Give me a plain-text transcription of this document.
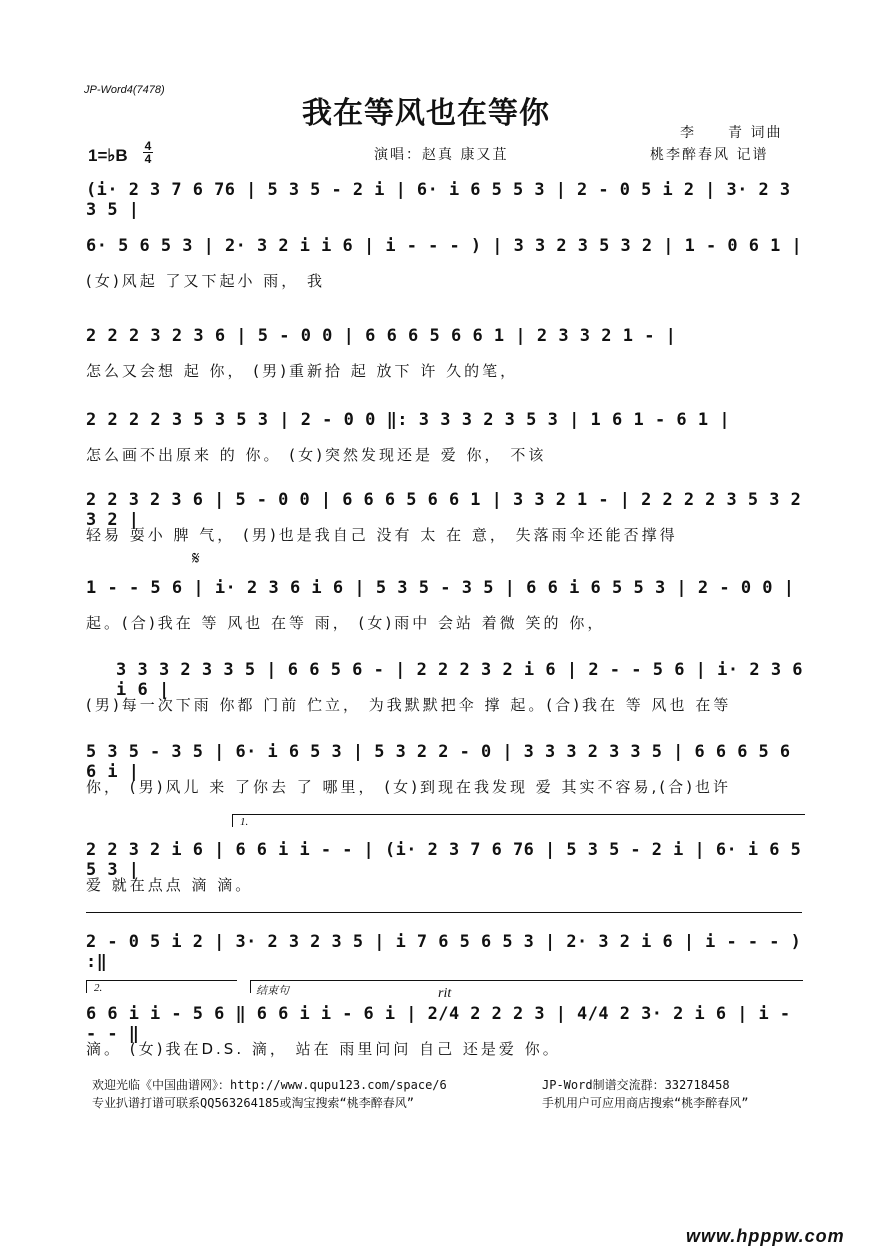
JP-Word4(7478)
我在等风也在等你
李　　青 词曲
桃李醉春风 记谱
演唱：赵真 康又苴
1=♭B 4
4
(i· 2 3 7 6 76 | 5 3 5 - 2 i | 6· i 6 5 5 3 | 2 - 0 5 i 2 | 3· 2 3 3 5 |
6· 5 6 5 3 | 2· 3 2 i i 6 | i - - - ) | 3 3 2 3 5 3 2 | 1 - 0 6 1 |
(女)风起 了又下起小 雨， 我
2 2 2 3 2 3 6 | 5 - 0 0 | 6 6 6 5 6 6 1 | 2 3 3 2 1 - |
怎么又会想 起 你， (男)重新拾 起 放下 许 久的笔，
2 2 2 2 3 5 3 5 3 | 2 - 0 0 ‖: 3 3 3 2 3 5 3 | 1 6 1 - 6 1 |
怎么画不出原来 的 你。 (女)突然发现还是 爱 你， 不该
2 2 3 2 3 6 | 5 - 0 0 | 6 6 6 5 6 6 1 | 3 3 2 1 - | 2 2 2 2 3 5 3 2 3 2 |
轻易 耍小 脾 气， (男)也是我自己 没有 太 在 意， 失落雨伞还能否撑得
𝄋
1 - - 5 6 | i· 2 3 6 i 6 | 5 3 5 - 3 5 | 6 6 i 6 5 5 3 | 2 - 0 0 |
起。(合)我在 等 风也 在等 雨， (女)雨中 会站 着微 笑的 你，
3 3 3 2 3 3 5 | 6 6 5 6 - | 2 2 2 3 2 i 6 | 2 - - 5 6 | i· 2 3 6 i 6 |
(男)每一次下雨 你都 门前 伫立， 为我默默把伞 撑 起。(合)我在 等 风也 在等
5 3 5 - 3 5 | 6· i 6 5 3 | 5 3 2 2 - 0 | 3 3 3 2 3 3 5 | 6 6 6 5 6 6 i |
你， (男)风儿 来 了你去 了 哪里， (女)到现在我发现 爱 其实不容易,(合)也许
1.
2 2 3 2 i 6 | 6 6 i i - - | (i· 2 3 7 6 76 | 5 3 5 - 2 i | 6· i 6 5 5 3 |
爱 就在点点 滴 滴。
2 - 0 5 i 2 | 3· 2 3 2 3 5 | i 7 6 5 6 5 3 | 2· 3 2 i 6 | i - - - ) :‖
2.	结束句	rit
6 6 i i - 5 6 ‖ 6 6 i i - 6 i | 2/4 2 2 2 3 | 4/4 2 3· 2 i 6 | i - - - ‖
滴。 (女)我在D.S. 滴， 站在 雨里问问 自己 还是爱 你。
欢迎光临《中国曲谱网》：http://www.qupu123.com/space/6	JP-Word制谱交流群：332718458
专业扒谱打谱可联系QQ563264185或淘宝搜索“桃李醉春风”	手机用户可应用商店搜索“桃李醉春风”
www.hpppw.com
